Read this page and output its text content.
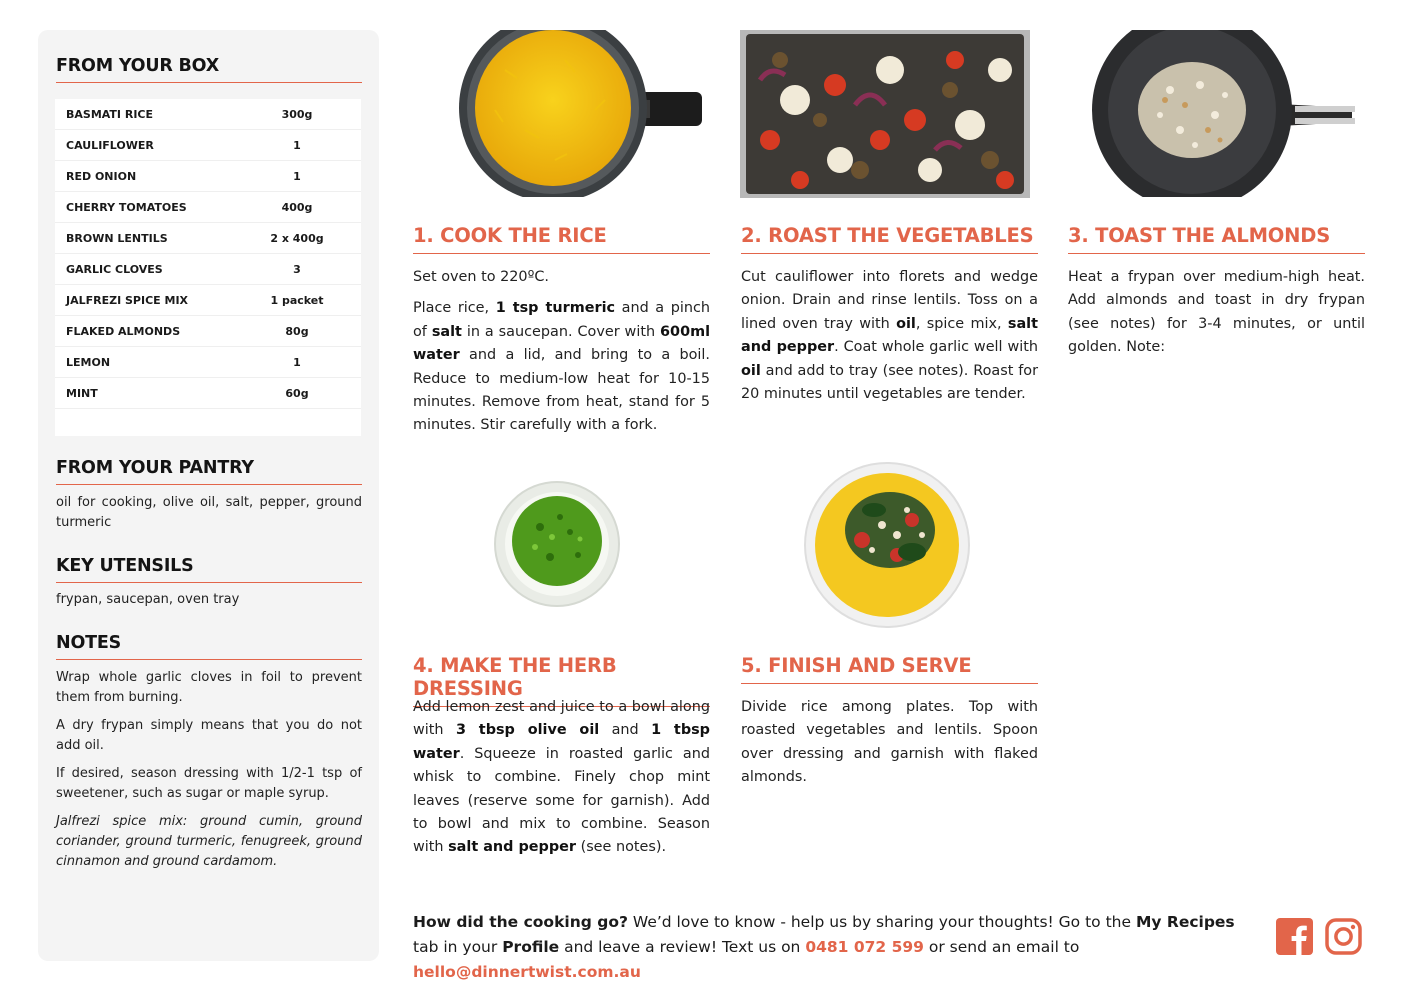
FROM YOUR BOX
BASMATI RICE	300g
CAULIFLOWER	1
RED ONION	1
CHERRY TOMATOES	400g
BROWN LENTILS	2 x 400g
GARLIC CLOVES	3
JALFREZI SPICE MIX	1 packet
FLAKED ALMONDS	80g
LEMON	1
MINT	60g
FROM YOUR PANTRY
oil for cooking, olive oil, salt, pepper, ground turmeric
KEY UTENSILS
frypan, saucepan, oven tray
NOTES
Wrap whole garlic cloves in foil to prevent them from burning.
A dry frypan simply means that you do not add oil.
If desired, season dressing with 1/2-1 tsp of sweetener, such as sugar or maple syrup.
Jalfrezi spice mix: ground cumin, ground coriander, ground turmeric, fenugreek, ground cinnamon and ground cardamom.
1. COOK THE RICE

Set oven to 220ºC.

Place rice, 1 tsp turmeric and a pinch of salt in a saucepan. Cover with 600ml water and a lid, and bring to a boil. Reduce to medium-low heat for 10-15 minutes. Remove from heat, stand for 5 minutes. Stir carefully with a fork.

2. ROAST THE VEGETABLES

Cut cauliflower into florets and wedge onion. Drain and rinse lentils. Toss on a lined oven tray with oil, spice mix, salt and pepper. Coat whole garlic well with oil and add to tray (see notes). Roast for 20 minutes until vegetables are tender.

3. TOAST THE ALMONDS

Heat a frypan over medium-high heat. Add almonds and toast in dry frypan (see notes) for 3-4 minutes, or until golden. Note:

4. MAKE THE HERB DRESSING

Add lemon zest and juice to a bowl along with 3 tbsp olive oil and 1 tbsp water. Squeeze in roasted garlic and whisk to combine. Finely chop mint leaves (reserve some for garnish). Add to bowl and mix to combine. Season with salt and pepper (see notes).

5. FINISH AND SERVE

Divide rice among plates. Top with roasted vegetables and lentils. Spoon over dressing and garnish with flaked almonds.

How did the cooking go? We’d love to know - help us by sharing your thoughts! Go to the My Recipes tab in your Profile and leave a review! Text us on 0481 072 599 or send an email to hello@dinnertwist.com.au
